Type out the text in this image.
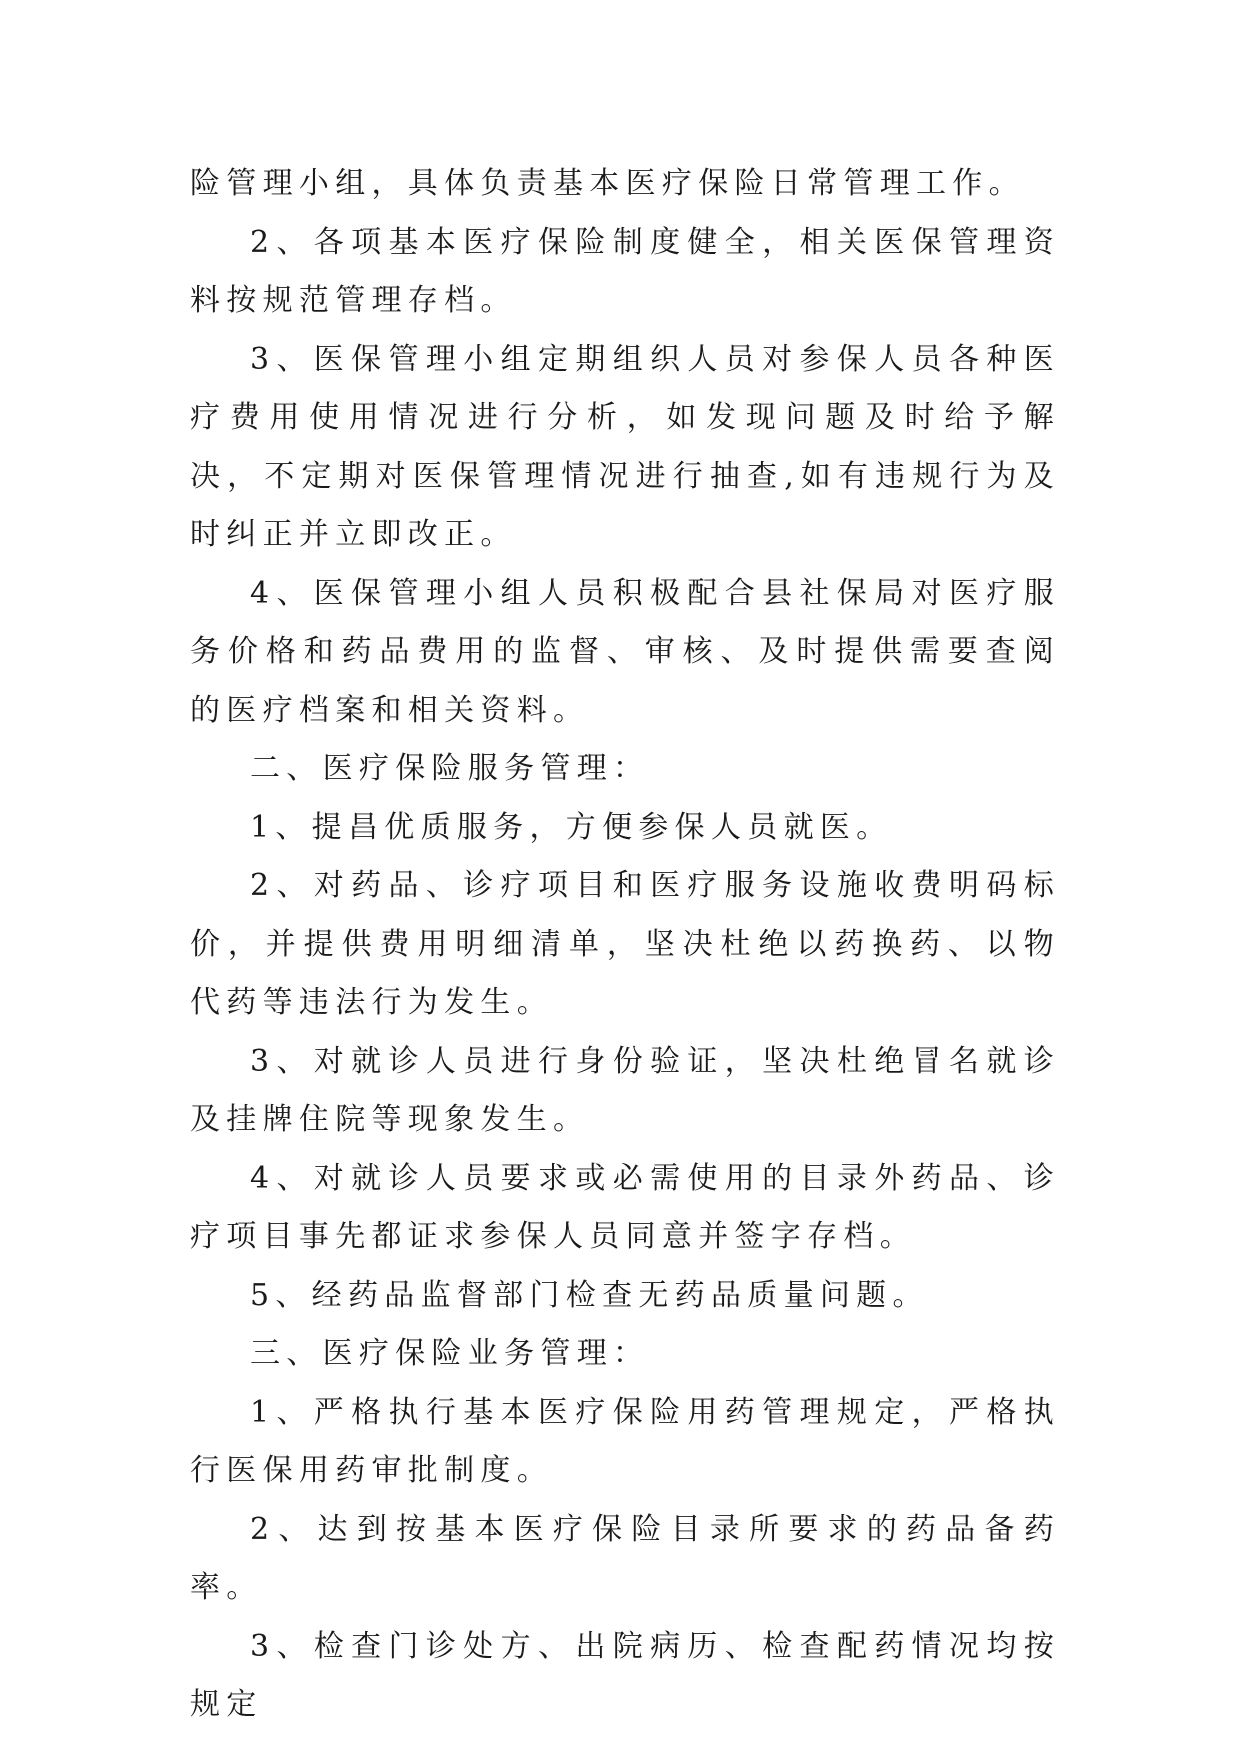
险管理小组，具体负责基本医疗保险日常管理工作。

2、各项基本医疗保险制度健全，相关医保管理资料按规范管理存档。

3、医保管理小组定期组织人员对参保人员各种医疗费用使用情况进行分析，如发现问题及时给予解决，不定期对医保管理情况进行抽查,如有违规行为及时纠正并立即改正。

4、医保管理小组人员积极配合县社保局对医疗服务价格和药品费用的监督、审核、及时提供需要查阅的医疗档案和相关资料。

二、医疗保险服务管理：

1、提昌优质服务，方便参保人员就医。

2、对药品、诊疗项目和医疗服务设施收费明码标价，并提供费用明细清单，坚决杜绝以药换药、以物代药等违法行为发生。

3、对就诊人员进行身份验证，坚决杜绝冒名就诊及挂牌住院等现象发生。

4、对就诊人员要求或必需使用的目录外药品、诊疗项目事先都证求参保人员同意并签字存档。

5、经药品监督部门检查无药品质量问题。

三、医疗保险业务管理：

1、严格执行基本医疗保险用药管理规定，严格执行医保用药审批制度。

2、达到按基本医疗保险目录所要求的药品备药率。

3、检查门诊处方、出院病历、检查配药情况均按规定
